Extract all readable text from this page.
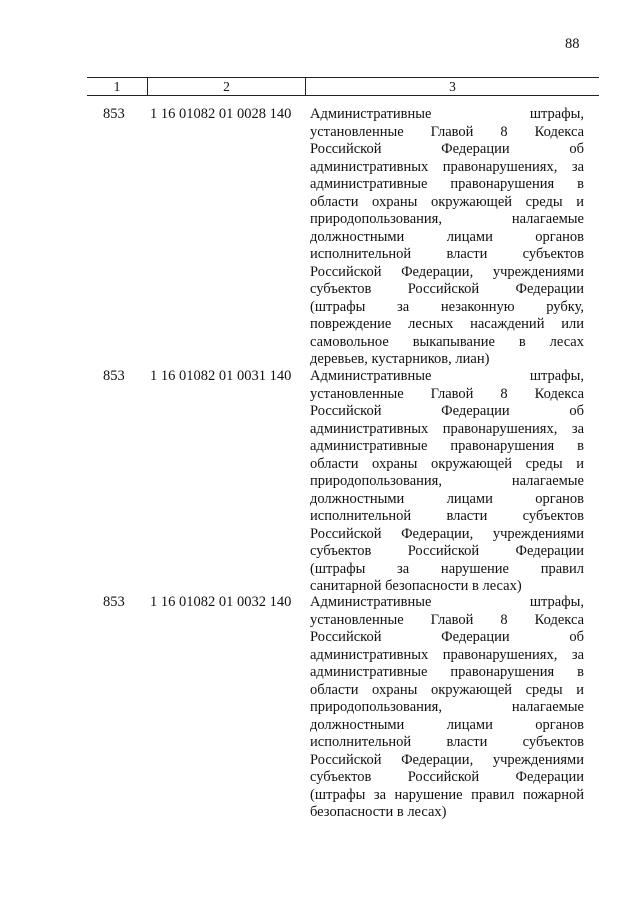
88
1	2	3
853 1 16 01082 01 0028 140 Административные штрафы,
установленные Главой 8 Кодекса
Российской Федерации об
административных правонарушениях, за
административные правонарушения в
области охраны окружающей среды и
природопользования, налагаемые
должностными лицами органов
исполнительной власти субъектов
Российской Федерации, учреждениями
субъектов Российской Федерации
(штрафы за незаконную рубку,
повреждение лесных насаждений или
самовольное выкапывание в лесах
деревьев, кустарников, лиан)
853 1 16 01082 01 0031 140 Административные штрафы,
установленные Главой 8 Кодекса
Российской Федерации об
административных правонарушениях, за
административные правонарушения в
области охраны окружающей среды и
природопользования, налагаемые
должностными лицами органов
исполнительной власти субъектов
Российской Федерации, учреждениями
субъектов Российской Федерации
(штрафы за нарушение правил
санитарной безопасности в лесах)
853 1 16 01082 01 0032 140 Административные штрафы,
установленные Главой 8 Кодекса
Российской Федерации об
административных правонарушениях, за
административные правонарушения в
области охраны окружающей среды и
природопользования, налагаемые
должностными лицами органов
исполнительной власти субъектов
Российской Федерации, учреждениями
субъектов Российской Федерации
(штрафы за нарушение правил пожарной
безопасности в лесах)
